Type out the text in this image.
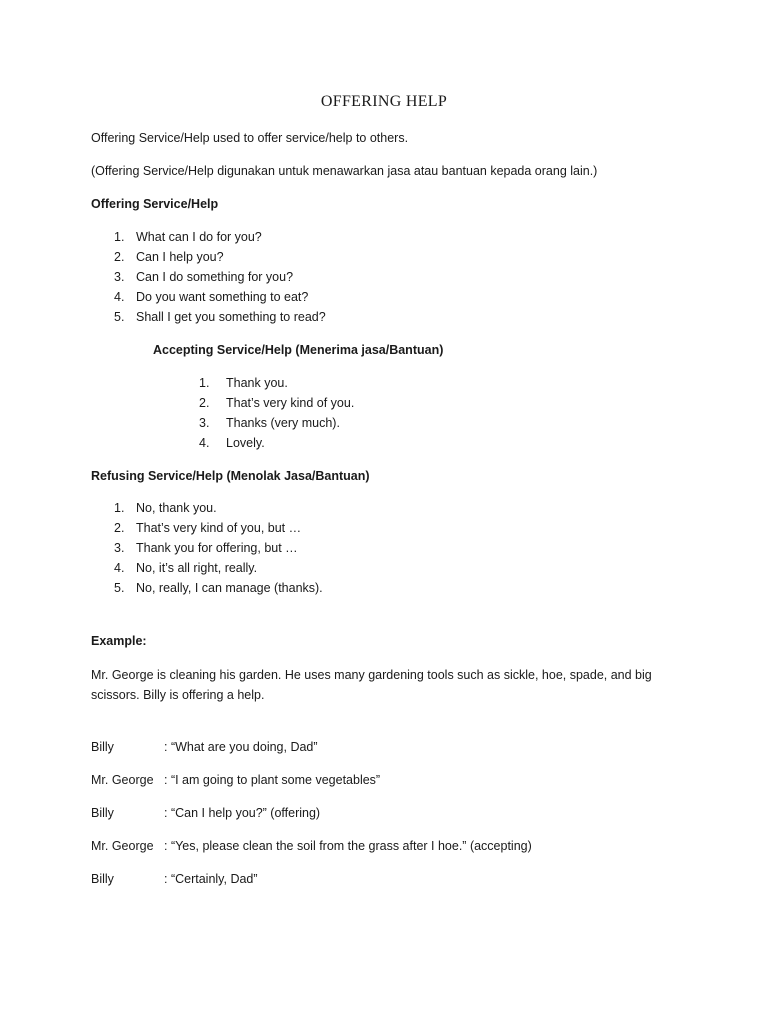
OFFERING HELP
Offering Service/Help used to offer service/help to others.
(Offering Service/Help digunakan untuk menawarkan jasa atau bantuan kepada orang lain.)
Offering Service/Help
1. What can I do for you?
2. Can I help you?
3. Can I do something for you?
4. Do you want something to eat?
5. Shall I get you something to read?
Accepting Service/Help (Menerima jasa/Bantuan)
1. Thank you.
2. That’s very kind of you.
3. Thanks (very much).
4. Lovely.
Refusing Service/Help (Menolak Jasa/Bantuan)
1. No, thank you.
2. That’s very kind of you, but …
3. Thank you for offering, but …
4. No, it’s all right, really.
5. No, really, I can manage (thanks).
Example:
Mr. George is cleaning his garden. He uses many gardening tools such as sickle, hoe, spade, and big
scissors. Billy is offering a help.
Billy	: “What are you doing, Dad”
Mr. George : “I am going to plant some vegetables”
Billy	: “Can I help you?” (offering)
Mr. George : “Yes, please clean the soil from the grass after I hoe.” (accepting)
Billy	: “Certainly, Dad”
